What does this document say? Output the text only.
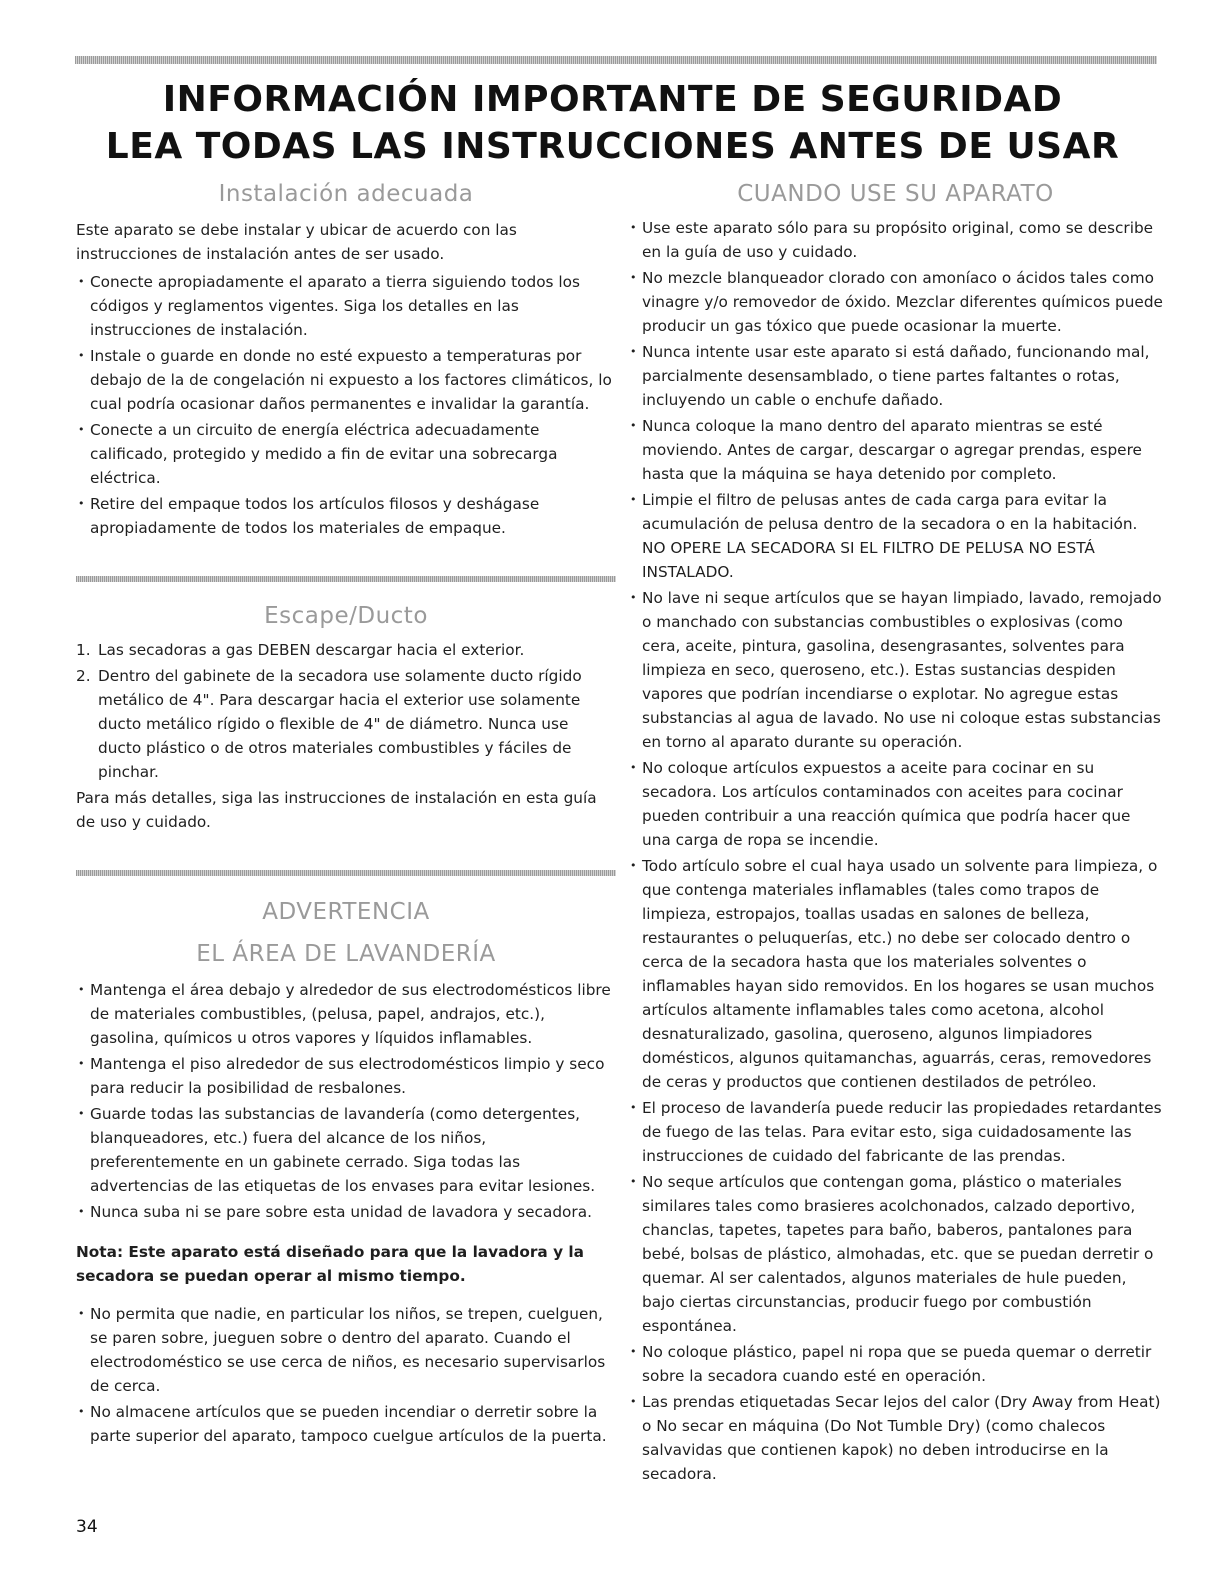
INFORMACIÓN IMPORTANTE DE SEGURIDAD
LEA TODAS LAS INSTRUCCIONES ANTES DE USAR
Instalación adecuada

Este aparato se debe instalar y ubicar de acuerdo con las instrucciones de instalación antes de ser usado.

• Conecte apropiadamente el aparato a tierra siguiendo todos los códigos y reglamentos vigentes. Siga los detalles en las instrucciones de instalación.
• Instale o guarde en donde no esté expuesto a temperaturas por debajo de la de congelación ni expuesto a los factores climáticos, lo cual podría ocasionar daños permanentes e invalidar la garantía.
• Conecte a un circuito de energía eléctrica adecuadamente calificado, protegido y medido a fin de evitar una sobrecarga eléctrica.
• Retire del empaque todos los artículos filosos y deshágase apropiadamente de todos los materiales de empaque.
Escape/Ducto
1. Las secadoras a gas DEBEN descargar hacia el exterior.
2. Dentro del gabinete de la secadora use solamente ducto rígido metálico de 4". Para descargar hacia el exterior use solamente ducto metálico rígido o flexible de 4" de diámetro. Nunca use ducto plástico o de otros materiales combustibles y fáciles de pinchar.

Para más detalles, siga las instrucciones de instalación en esta guía de uso y cuidado.

ADVERTENCIA
EL ÁREA DE LAVANDERÍA
• Mantenga el área debajo y alrededor de sus electrodomésticos libre de materiales combustibles, (pelusa, papel, andrajos, etc.), gasolina, químicos u otros vapores y líquidos inflamables.
• Mantenga el piso alrededor de sus electrodomésticos limpio y seco para reducir la posibilidad de resbalones.
• Guarde todas las substancias de lavandería (como detergentes, blanqueadores, etc.) fuera del alcance de los niños, preferentemente en un gabinete cerrado. Siga todas las advertencias de las etiquetas de los envases para evitar lesiones.
• Nunca suba ni se pare sobre esta unidad de lavadora y secadora.

Nota: Este aparato está diseñado para que la lavadora y la secadora se puedan operar al mismo tiempo.

• No permita que nadie, en particular los niños, se trepen, cuelguen, se paren sobre, jueguen sobre o dentro del aparato. Cuando el electrodoméstico se use cerca de niños, es necesario supervisarlos de cerca.
• No almacene artículos que se pueden incendiar o derretir sobre la parte superior del aparato, tampoco cuelgue artículos de la puerta.
CUANDO USE SU APARATO
• Use este aparato sólo para su propósito original, como se describe en la guía de uso y cuidado.
• No mezcle blanqueador clorado con amoníaco o ácidos tales como vinagre y/o removedor de óxido. Mezclar diferentes químicos puede producir un gas tóxico que puede ocasionar la muerte.
• Nunca intente usar este aparato si está dañado, funcionando mal, parcialmente desensamblado, o tiene partes faltantes o rotas, incluyendo un cable o enchufe dañado.
• Nunca coloque la mano dentro del aparato mientras se esté moviendo. Antes de cargar, descargar o agregar prendas, espere hasta que la máquina se haya detenido por completo.
• Limpie el filtro de pelusas antes de cada carga para evitar la acumulación de pelusa dentro de la secadora o en la habitación. NO OPERE LA SECADORA SI EL FILTRO DE PELUSA NO ESTÁ INSTALADO.
• No lave ni seque artículos que se hayan limpiado, lavado, remojado o manchado con substancias combustibles o explosivas (como cera, aceite, pintura, gasolina, desengrasantes, solventes para limpieza en seco, queroseno, etc.). Estas sustancias despiden vapores que podrían incendiarse o explotar. No agregue estas substancias al agua de lavado. No use ni coloque estas substancias en torno al aparato durante su operación.
• No coloque artículos expuestos a aceite para cocinar en su secadora. Los artículos contaminados con aceites para cocinar pueden contribuir a una reacción química que podría hacer que una carga de ropa se incendie.
• Todo artículo sobre el cual haya usado un solvente para limpieza, o que contenga materiales inflamables (tales como trapos de limpieza, estropajos, toallas usadas en salones de belleza, restaurantes o peluquerías, etc.) no debe ser colocado dentro o cerca de la secadora hasta que los materiales solventes o inflamables hayan sido removidos. En los hogares se usan muchos artículos altamente inflamables tales como acetona, alcohol desnaturalizado, gasolina, queroseno, algunos limpiadores domésticos, algunos quitamanchas, aguarrás, ceras, removedores de ceras y productos que contienen destilados de petróleo.
• El proceso de lavandería puede reducir las propiedades retardantes de fuego de las telas. Para evitar esto, siga cuidadosamente las instrucciones de cuidado del fabricante de las prendas.
• No seque artículos que contengan goma, plástico o materiales similares tales como brasieres acolchonados, calzado deportivo, chanclas, tapetes, tapetes para baño, baberos, pantalones para bebé, bolsas de plástico, almohadas, etc. que se puedan derretir o quemar. Al ser calentados, algunos materiales de hule pueden, bajo ciertas circunstancias, producir fuego por combustión espontánea.
• No coloque plástico, papel ni ropa que se pueda quemar o derretir sobre la secadora cuando esté en operación.
• Las prendas etiquetadas Secar lejos del calor (Dry Away from Heat) o No secar en máquina (Do Not Tumble Dry) (como chalecos salvavidas que contienen kapok) no deben introducirse en la secadora.
34
